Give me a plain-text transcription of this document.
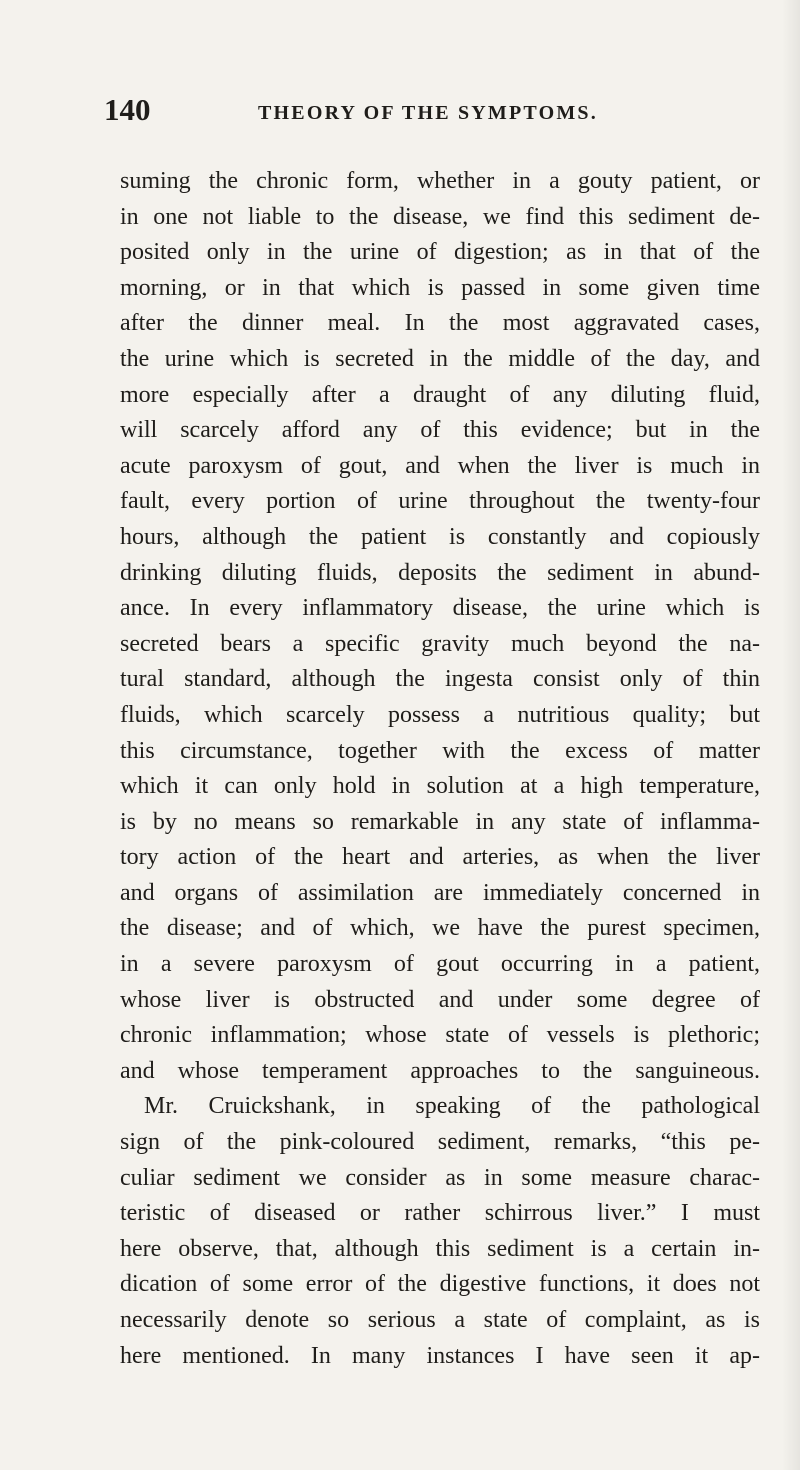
140	THEORY OF THE SYMPTOMS.
suming the chronic form, whether in a gouty patient, or
in one not liable to the disease, we find this sediment de-
posited only in the urine of digestion; as in that of the
morning, or in that which is passed in some given time
after the dinner meal. In the most aggravated cases,
the urine which is secreted in the middle of the day, and
more especially after a draught of any diluting fluid,
will scarcely afford any of this evidence; but in the
acute paroxysm of gout, and when the liver is much in
fault, every portion of urine throughout the twenty-four
hours, although the patient is constantly and copiously
drinking diluting fluids, deposits the sediment in abund-
ance. In every inflammatory disease, the urine which is
secreted bears a specific gravity much beyond the na-
tural standard, although the ingesta consist only of thin
fluids, which scarcely possess a nutritious quality; but
this circumstance, together with the excess of matter
which it can only hold in solution at a high temperature,
is by no means so remarkable in any state of inflamma-
tory action of the heart and arteries, as when the liver
and organs of assimilation are immediately concerned in
the disease; and of which, we have the purest specimen,
in a severe paroxysm of gout occurring in a patient,
whose liver is obstructed and under some degree of
chronic inflammation; whose state of vessels is plethoric;
and whose temperament approaches to the sanguineous.
Mr. Cruickshank, in speaking of the pathological
sign of the pink-coloured sediment, remarks, “this pe-
culiar sediment we consider as in some measure charac-
teristic of diseased or rather schirrous liver.” I must
here observe, that, although this sediment is a certain in-
dication of some error of the digestive functions, it does not
necessarily denote so serious a state of complaint, as is
here mentioned. In many instances I have seen it ap-
